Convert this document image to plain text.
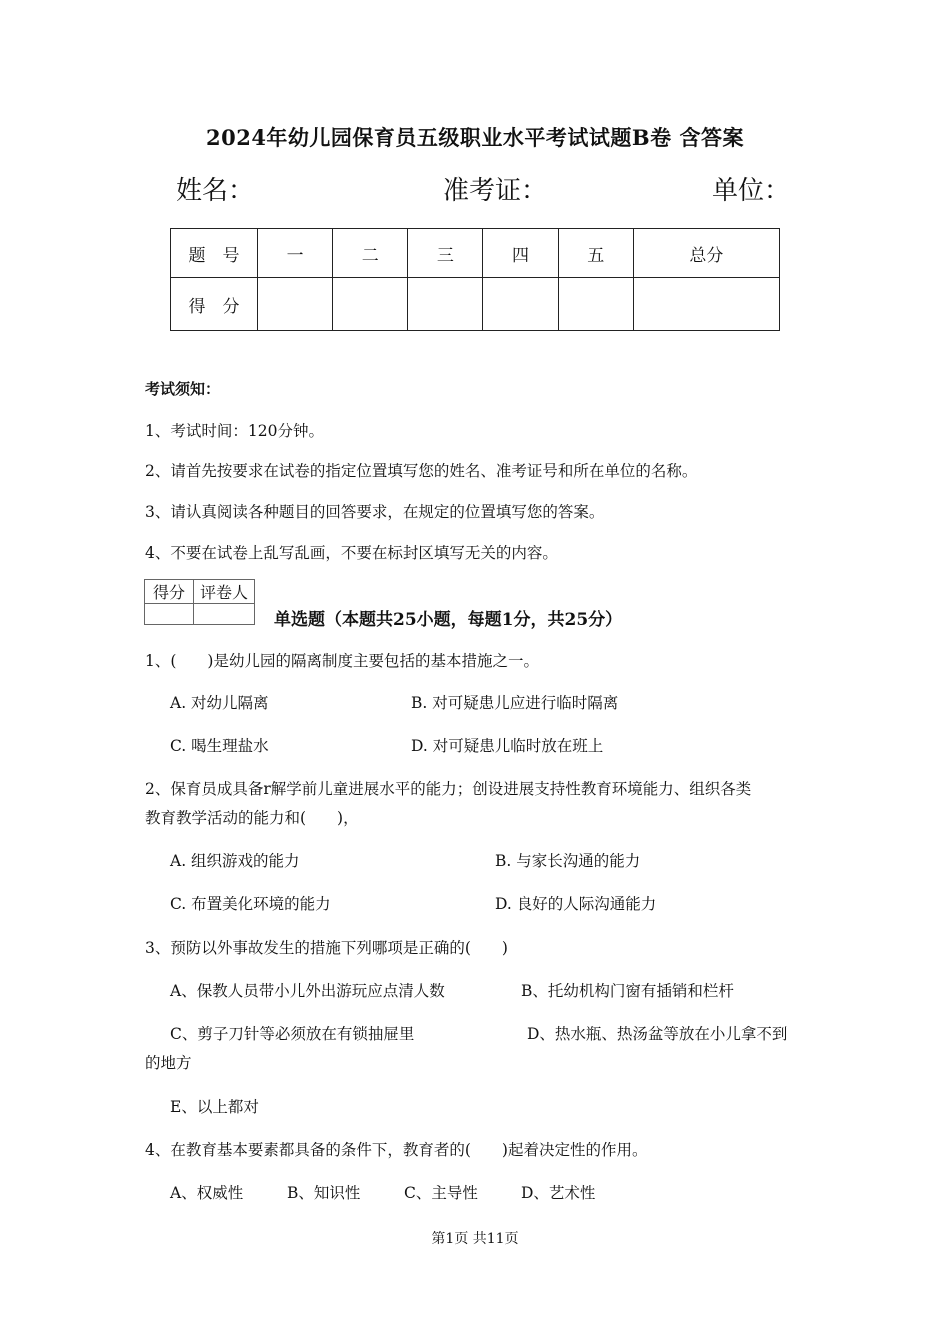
2024年幼儿园保育员五级职业水平考试试题B卷 含答案
姓名：	准考证：	单位：
题　号	一	二	三	四	五	总分
得　分						
考试须知：
1、考试时间：120分钟。
2、请首先按要求在试卷的指定位置填写您的姓名、准考证号和所在单位的名称。
3、请认真阅读各种题目的回答要求，在规定的位置填写您的答案。
4、不要在试卷上乱写乱画，不要在标封区填写无关的内容。
得分	评卷人

单选题（本题共25小题，每题1分，共25分）
1、(　　)是幼儿园的隔离制度主要包括的基本措施之一。
A. 对幼儿隔离	B. 对可疑患儿应进行临时隔离
C. 喝生理盐水	D. 对可疑患儿临时放在班上
2、保育员成具备r解学前儿童进展水平的能力；创设进展支持性教育环境能力、组织各类
教育教学活动的能力和(　　)，
A. 组织游戏的能力	B. 与家长沟通的能力
C. 布置美化环境的能力	D. 良好的人际沟通能力
3、预防以外事故发生的措施下列哪项是正确的(　　)
A、保教人员带小儿外出游玩应点清人数	B、托幼机构门窗有插销和栏杆
C、剪子刀针等必须放在有锁抽屉里	D、热水瓶、热汤盆等放在小儿拿不到
的地方
E、以上都对
4、在教育基本要素都具备的条件下，教育者的(　　)起着决定性的作用。
A、权威性	B、知识性	C、主导性	D、艺术性
第1页 共11页
